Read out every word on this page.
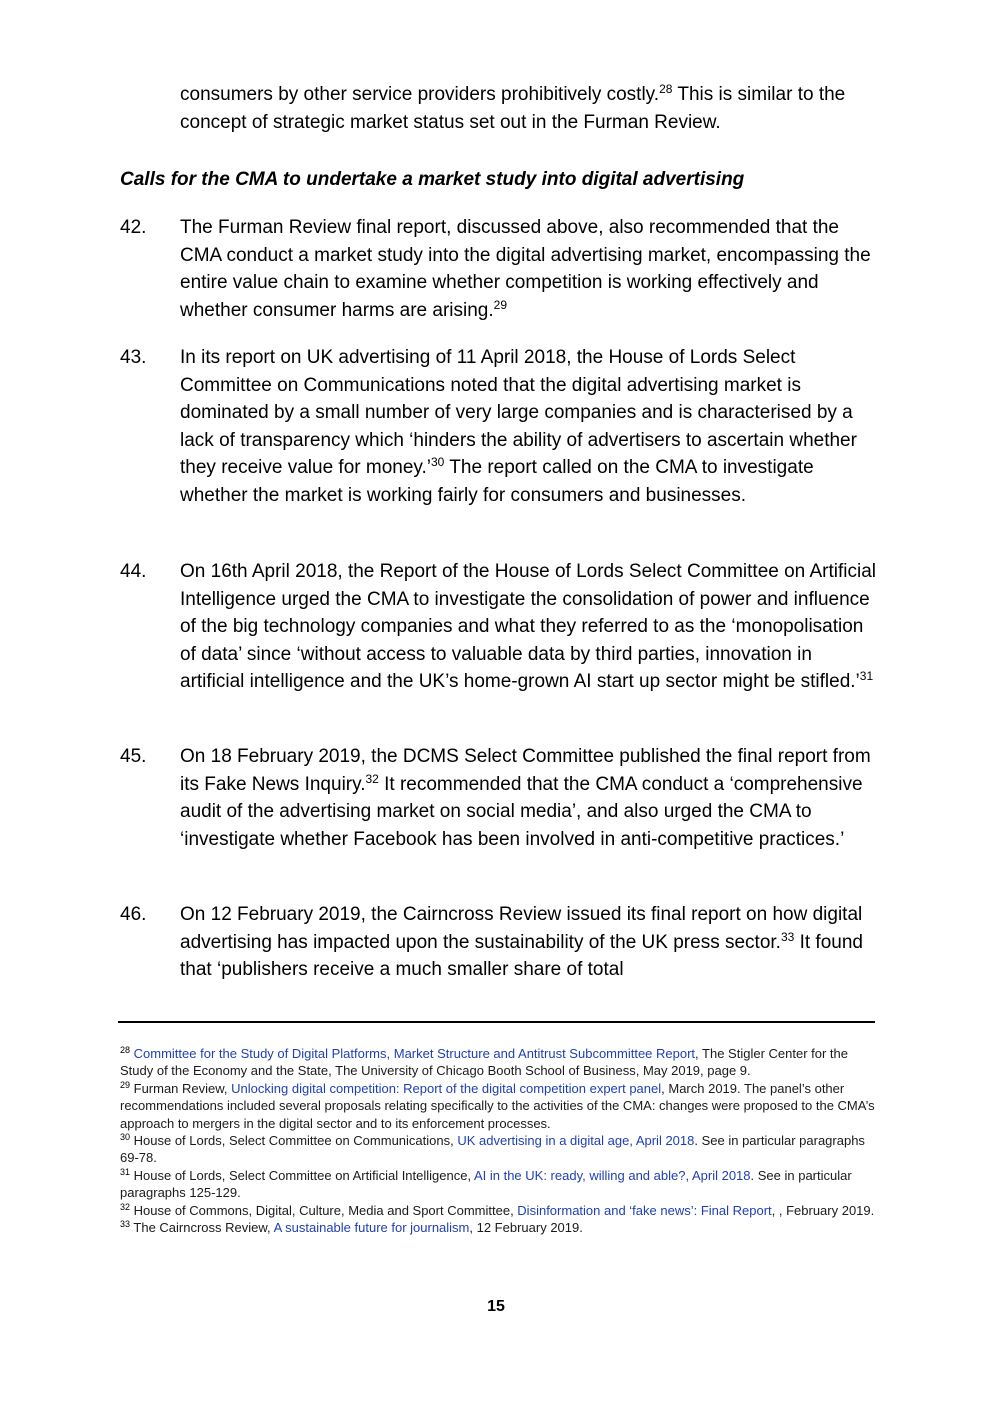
consumers by other service providers prohibitively costly.$^{28}$ This is similar to the concept of strategic market status set out in the Furman Review.
Calls for the CMA to undertake a market study into digital advertising
42.	The Furman Review final report, discussed above, also recommended that the CMA conduct a market study into the digital advertising market, encompassing the entire value chain to examine whether competition is working effectively and whether consumer harms are arising.$^{29}$
43.	In its report on UK advertising of 11 April 2018, the House of Lords Select Committee on Communications noted that the digital advertising market is dominated by a small number of very large companies and is characterised by a lack of transparency which ‘hinders the ability of advertisers to ascertain whether they receive value for money.’$^{30}$ The report called on the CMA to investigate whether the market is working fairly for consumers and businesses.
44.	On 16th April 2018, the Report of the House of Lords Select Committee on Artificial Intelligence urged the CMA to investigate the consolidation of power and influence of the big technology companies and what they referred to as the ‘monopolisation of data’ since ‘without access to valuable data by third parties, innovation in artificial intelligence and the UK’s home-grown AI start up sector might be stifled.’$^{31}$
45.	On 18 February 2019, the DCMS Select Committee published the final report from its Fake News Inquiry.$^{32}$ It recommended that the CMA conduct a ‘comprehensive audit of the advertising market on social media’, and also urged the CMA to ‘investigate whether Facebook has been involved in anti-competitive practices.’
46.	On 12 February 2019, the Cairncross Review issued its final report on how digital advertising has impacted upon the sustainability of the UK press sector.$^{33}$ It found that ‘publishers receive a much smaller share of total

$^{28}$ Committee for the Study of Digital Platforms, Market Structure and Antitrust Subcommittee Report, The Stigler Center for the Study of the Economy and the State, The University of Chicago Booth School of Business, May 2019, page 9.

$^{29}$ Furman Review, Unlocking digital competition: Report of the digital competition expert panel, March 2019. The panel’s other recommendations included several proposals relating specifically to the activities of the CMA: changes were proposed to the CMA’s approach to mergers in the digital sector and to its enforcement processes.

$^{30}$ House of Lords, Select Committee on Communications, UK advertising in a digital age, April 2018. See in particular paragraphs 69-78.

$^{31}$ House of Lords, Select Committee on Artificial Intelligence, AI in the UK: ready, willing and able?, April 2018. See in particular paragraphs 125-129.

$^{32}$ House of Commons, Digital, Culture, Media and Sport Committee, Disinformation and ‘fake news’: Final Report, , February 2019.

$^{33}$ The Cairncross Review, A sustainable future for journalism, 12 February 2019.

15
